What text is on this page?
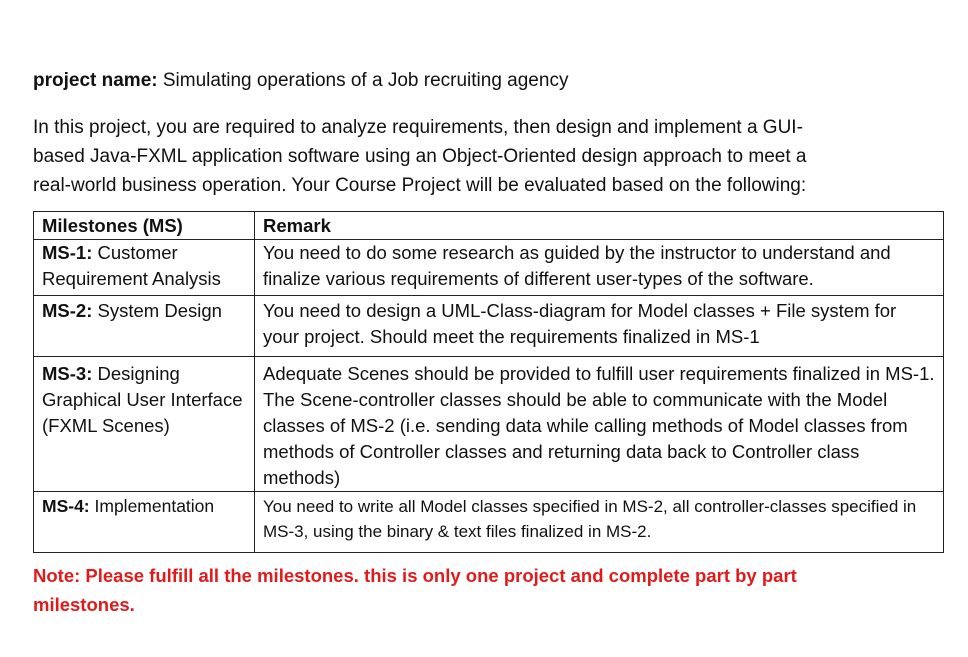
project name: Simulating operations of a Job recruiting agency
In this project, you are required to analyze requirements, then design and implement a GUI-
based Java-FXML application software using an Object-Oriented design approach to meet a
real-world business operation. Your Course Project will be evaluated based on the following:
Milestones (MS)	Remark
MS-1: Customer Requirement Analysis	You need to do some research as guided by the instructor to understand and finalize various requirements of different user-types of the software.
MS-2: System Design	You need to design a UML-Class-diagram for Model classes + File system for your project. Should meet the requirements finalized in MS-1
MS-3: Designing Graphical User Interface (FXML Scenes)	Adequate Scenes should be provided to fulfill user requirements finalized in MS-1. The Scene-controller classes should be able to communicate with the Model classes of MS-2 (i.e. sending data while calling methods of Model classes from methods of Controller classes and returning data back to Controller class methods)
MS-4: Implementation	You need to write all Model classes specified in MS-2, all controller-classes specified in MS-3, using the binary & text files finalized in MS-2.
Note: Please fulfill all the milestones. this is only one project and complete part by part milestones.
